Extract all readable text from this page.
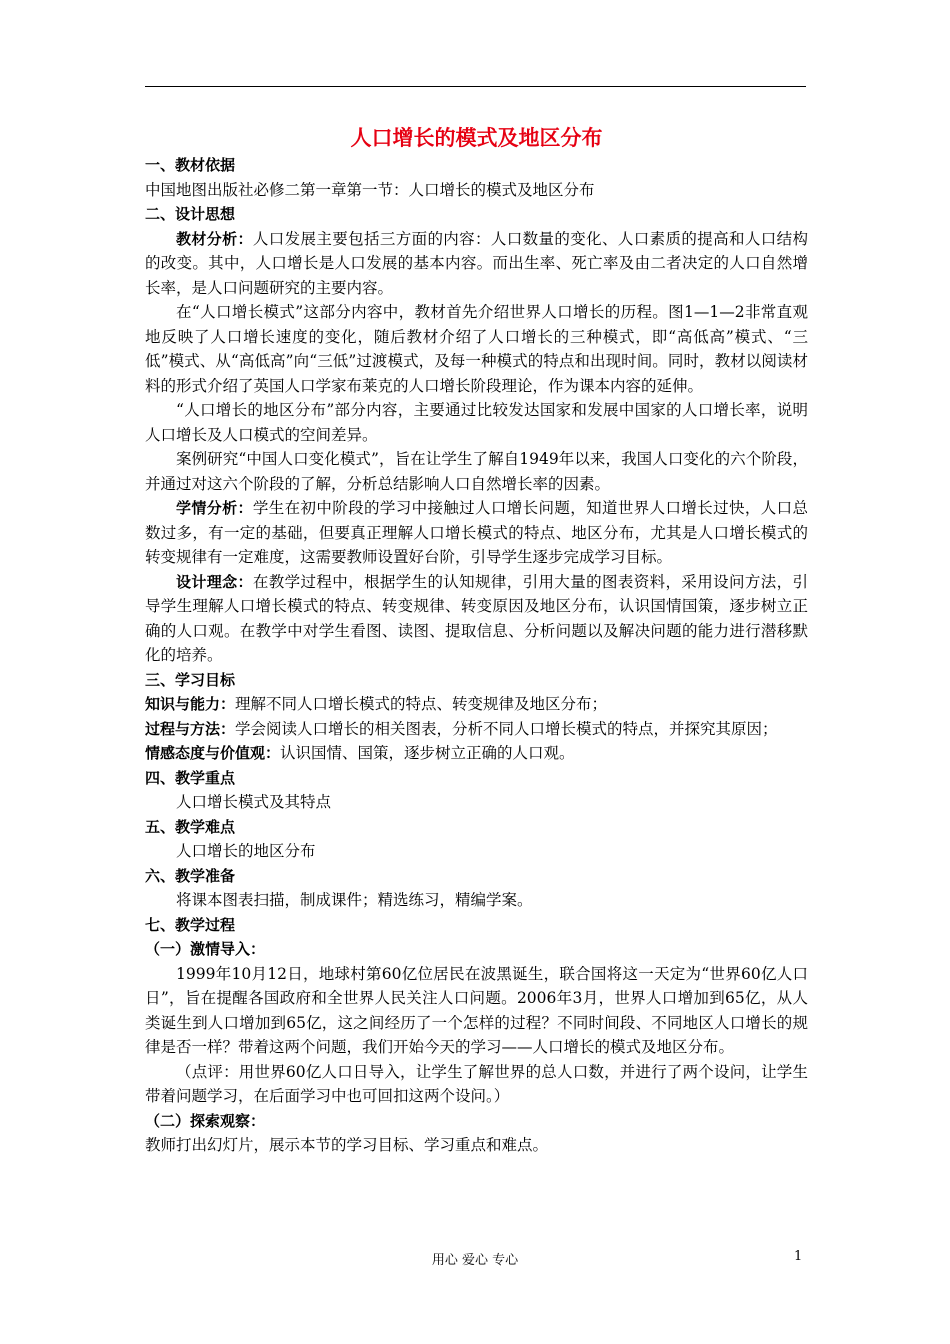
人口增长的模式及地区分布
一、教材依据
中国地图出版社必修二第一章第一节：人口增长的模式及地区分布
二、设计思想
教材分析：人口发展主要包括三方面的内容：人口数量的变化、人口素质的提高和人口结构的改变。其中，人口增长是人口发展的基本内容。而出生率、死亡率及由二者决定的人口自然增长率，是人口问题研究的主要内容。
在“人口增长模式”这部分内容中，教材首先介绍世界人口增长的历程。图1—1—2非常直观地反映了人口增长速度的变化，随后教材介绍了人口增长的三种模式，即“高低高”模式、“三低”模式、从“高低高”向“三低”过渡模式，及每一种模式的特点和出现时间。同时，教材以阅读材料的形式介绍了英国人口学家布莱克的人口增长阶段理论，作为课本内容的延伸。
“人口增长的地区分布”部分内容，主要通过比较发达国家和发展中国家的人口增长率，说明人口增长及人口模式的空间差异。
案例研究“中国人口变化模式”，旨在让学生了解自1949年以来，我国人口变化的六个阶段，并通过对这六个阶段的了解，分析总结影响人口自然增长率的因素。
学情分析：学生在初中阶段的学习中接触过人口增长问题，知道世界人口增长过快，人口总数过多，有一定的基础，但要真正理解人口增长模式的特点、地区分布，尤其是人口增长模式的转变规律有一定难度，这需要教师设置好台阶，引导学生逐步完成学习目标。
设计理念：在教学过程中，根据学生的认知规律，引用大量的图表资料，采用设问方法，引导学生理解人口增长模式的特点、转变规律、转变原因及地区分布，认识国情国策，逐步树立正确的人口观。在教学中对学生看图、读图、提取信息、分析问题以及解决问题的能力进行潜移默化的培养。
三、学习目标
知识与能力：理解不同人口增长模式的特点、转变规律及地区分布；
过程与方法：学会阅读人口增长的相关图表，分析不同人口增长模式的特点，并探究其原因；
情感态度与价值观：认识国情、国策，逐步树立正确的人口观。
四、教学重点
人口增长模式及其特点
五、教学难点
人口增长的地区分布
六、教学准备
将课本图表扫描，制成课件；精选练习，精编学案。
七、教学过程
（一）激情导入：
1999年10月12日，地球村第60亿位居民在波黑诞生，联合国将这一天定为“世界60亿人口日”，旨在提醒各国政府和全世界人民关注人口问题。2006年3月，世界人口增加到65亿，从人类诞生到人口增加到65亿，这之间经历了一个怎样的过程？不同时间段、不同地区人口增长的规律是否一样？带着这两个问题，我们开始今天的学习——人口增长的模式及地区分布。
（点评：用世界60亿人口日导入，让学生了解世界的总人口数，并进行了两个设问，让学生带着问题学习，在后面学习中也可回扣这两个设问。）
（二）探索观察：
教师打出幻灯片，展示本节的学习目标、学习重点和难点。
用心 爱心 专心	1
